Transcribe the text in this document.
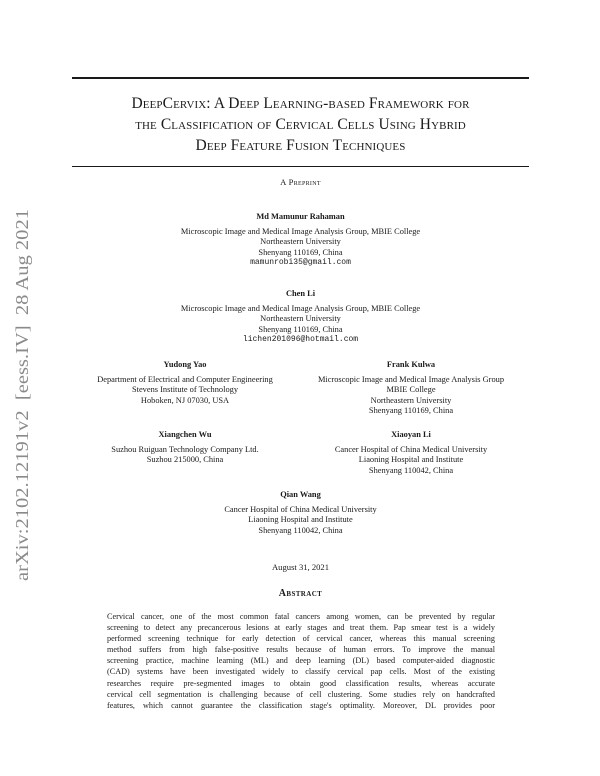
arXiv:2102.12191v2  [eess.IV]  28 Aug 2021
DeepCervix: A Deep Learning-based Framework for
the Classification of Cervical Cells Using Hybrid
Deep Feature Fusion Techniques
A Preprint
Md Mamunur Rahaman
Microscopic Image and Medical Image Analysis Group, MBIE College
Northeastern University
Shenyang 110169, China
mamunrobi35@gmail.com
Chen Li
Microscopic Image and Medical Image Analysis Group, MBIE College
Northeastern University
Shenyang 110169, China
lichen201096@hotmail.com
Yudong Yao
Department of Electrical and Computer Engineering
Stevens Institute of Technology
Hoboken, NJ 07030, USA
Frank Kulwa
Microscopic Image and Medical Image Analysis Group
MBIE College
Northeastern University
Shenyang 110169, China
Xiangchen Wu
Suzhou Ruiguan Technology Company Ltd.
Suzhou 215000, China
Xiaoyan Li
Cancer Hospital of China Medical University
Liaoning Hospital and Institute
Shenyang 110042, China
Qian Wang
Cancer Hospital of China Medical University
Liaoning Hospital and Institute
Shenyang 110042, China
August 31, 2021
Abstract
Cervical cancer, one of the most common fatal cancers among women, can be prevented by regular
screening to detect any precancerous lesions at early stages and treat them. Pap smear test is a widely
performed screening technique for early detection of cervical cancer, whereas this manual screening
method suffers from high false-positive results because of human errors. To improve the manual
screening practice, machine learning (ML) and deep learning (DL) based computer-aided diagnostic
(CAD) systems have been investigated widely to classify cervical pap cells. Most of the existing
researches require pre-segmented images to obtain good classification results, whereas accurate
cervical cell segmentation is challenging because of cell clustering. Some studies rely on handcrafted
features, which cannot guarantee the classification stage's optimality. Moreover, DL provides poor
